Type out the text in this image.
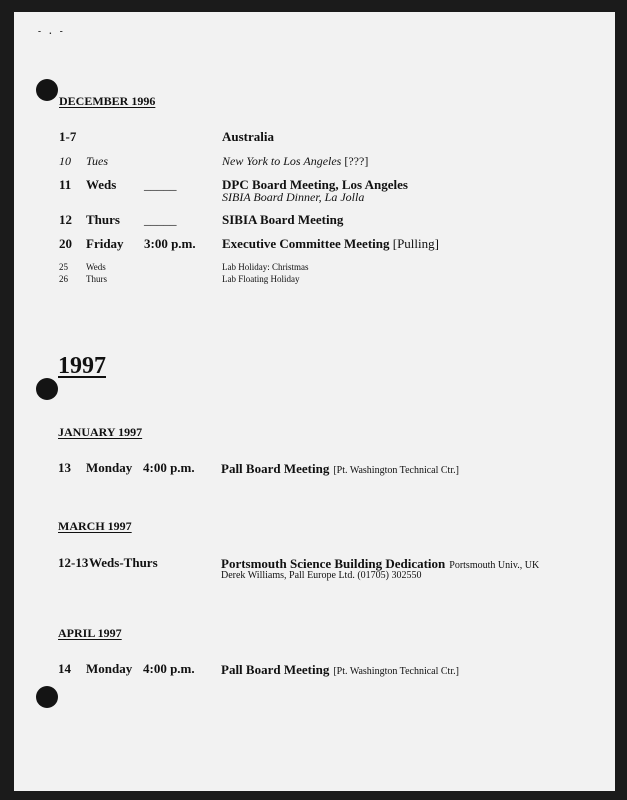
- . -
DECEMBER 1996
1-7	Australia
10 Tues	New York to Los Angeles [???]
11 Weds _____	DPC Board Meeting, Los Angeles
SIBIA Board Dinner, La Jolla
12 Thurs _____	SIBIA Board Meeting
20 Friday 3:00 p.m. Executive Committee Meeting [Pulling]
25 Weds	Lab Holiday: Christmas
26 Thurs	Lab Floating Holiday
1997
JANUARY 1997
13 Monday 4:00 p.m. Pall Board Meeting [Pt. Washington Technical Ctr.]
MARCH 1997
12-13 Weds-Thurs	Portsmouth Science Building Dedication Portsmouth Univ., UK
Derek Williams, Pall Europe Ltd. (01705) 302550
APRIL 1997
14 Monday 4:00 p.m. Pall Board Meeting [Pt. Washington Technical Ctr.]
